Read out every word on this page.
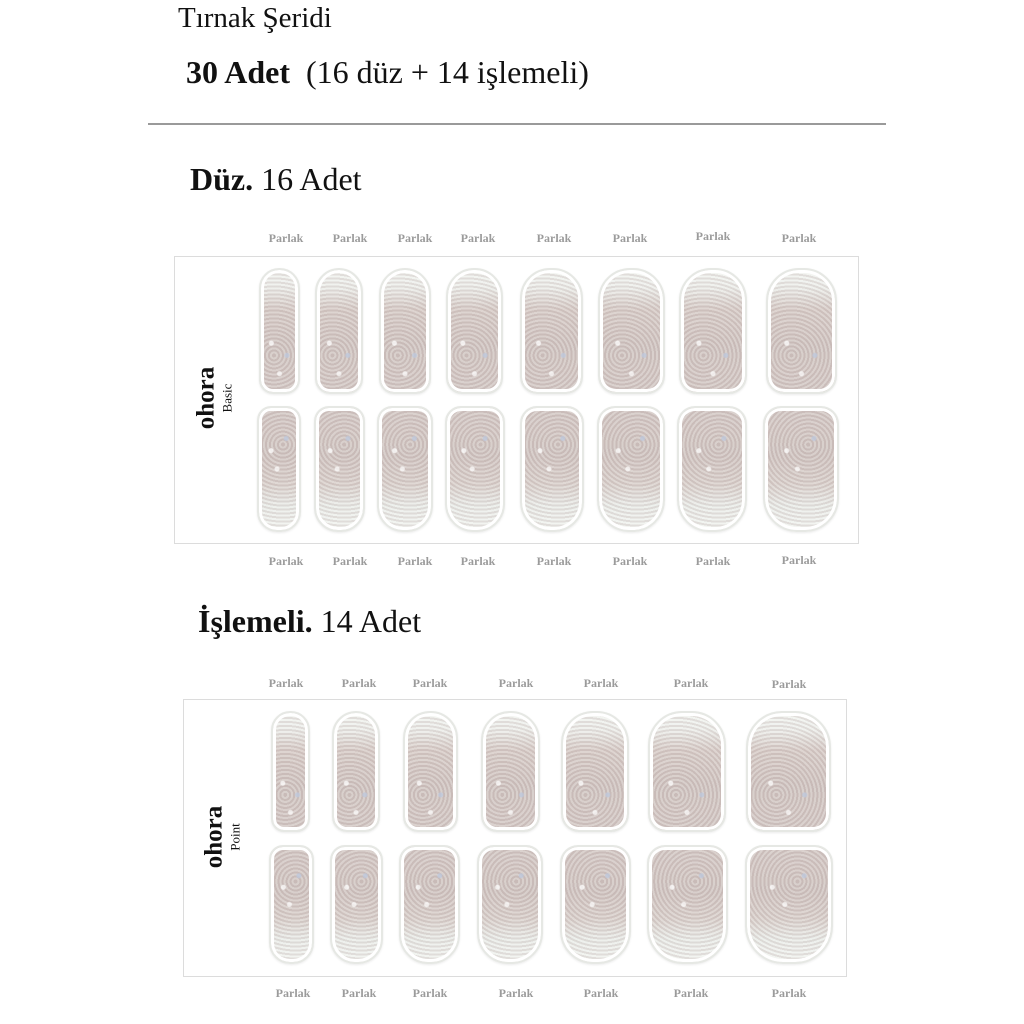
Tırnak Şeridi
30 Adet (16 düz + 14 işlemeli)
Düz. 16 Adet
Parlak Parlak	Parlak Parlak	Parlak	Parlak	Parlak	Parlak
ohora Basic
Parlak Parlak	Parlak Parlak	Parlak	Parlak	Parlak	Parlak
İşlemeli. 14 Adet
Parlak	Parlak	Parlak	Parlak	Parlak	Parlak	Parlak
ohora Point
Parlak	Parlak	Parlak	Parlak	Parlak	Parlak	Parlak
